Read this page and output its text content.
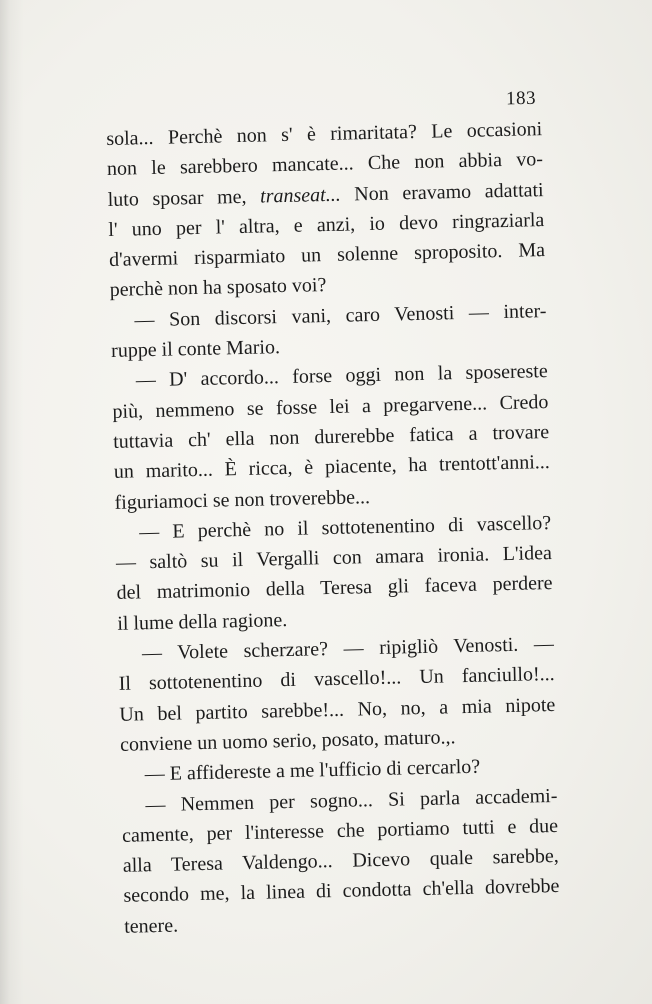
183
sola... Perchè non s' è rimaritata? Le occasioni
non le sarebbero mancate... Che non abbia vo-
luto sposar me, transeat... Non eravamo adattati
l' uno per l' altra, e anzi, io devo ringraziarla
d'avermi risparmiato un solenne sproposito. Ma
perchè non ha sposato voi?
— Son discorsi vani, caro Venosti — inter-
ruppe il conte Mario.
— D' accordo... forse oggi non la sposereste
più, nemmeno se fosse lei a pregarvene... Credo
tuttavia ch' ella non durerebbe fatica a trovare
un marito... È ricca, è piacente, ha trentott'anni...
figuriamoci se non troverebbe...
— E perchè no il sottotenentino di vascello?
— saltò su il Vergalli con amara ironia. L'idea
del matrimonio della Teresa gli faceva perdere
il lume della ragione.
— Volete scherzare? — ripigliò Venosti. —
Il sottotenentino di vascello!... Un fanciullo!...
Un bel partito sarebbe!... No, no, a mia nipote
conviene un uomo serio, posato, maturo.,.
— E affidereste a me l'ufficio di cercarlo?
— Nemmen per sogno... Si parla accademi-
camente, per l'interesse che portiamo tutti e due
alla Teresa Valdengo... Dicevo quale sarebbe,
secondo me, la linea di condotta ch'ella dovrebbe
tenere.
